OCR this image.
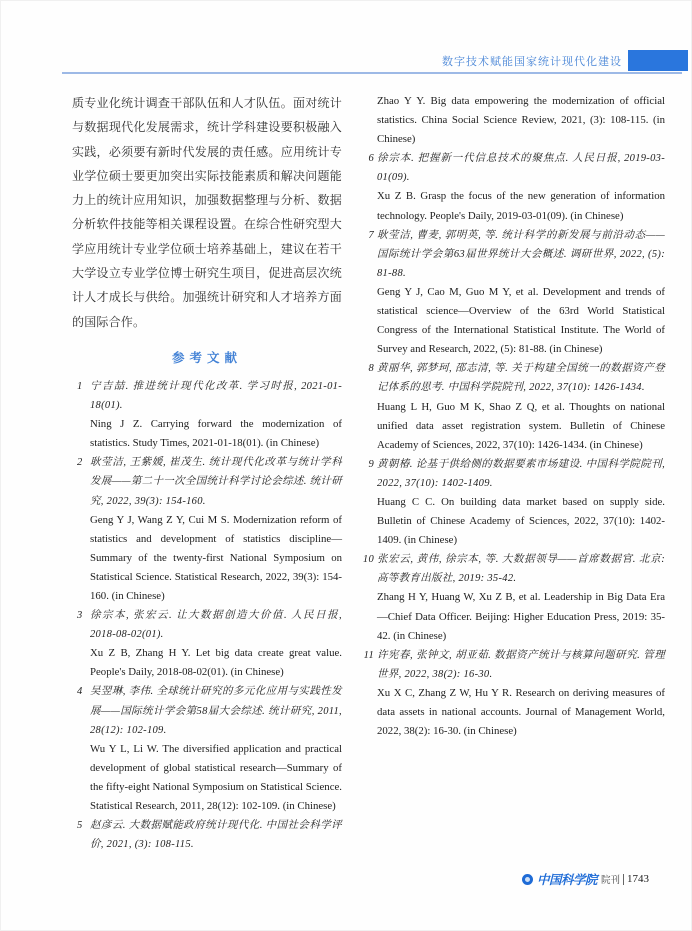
数字技术赋能国家统计现代化建设

质专业化统计调查干部队伍和人才队伍。面对统计与数据现代化发展需求，统计学科建设要积极融入实践，必须要有新时代发展的责任感。应用统计专业学位硕士要更加突出实际技能素质和解决问题能力上的统计应用知识，加强数据整理与分析、数据分析软件技能等相关课程设置。在综合性研究型大学应用统计专业学位硕士培养基础上，建议在若干大学设立专业学位博士研究生项目，促进高层次统计人才成长与供给。加强统计研究和人才培养方面的国际合作。

参考文献
1 宁吉喆. 推进统计现代化改革. 学习时报, 2021-01-18(01).
Ning J Z. Carrying forward the modernization of statistics. Study Times, 2021-01-18(01). (in Chinese)
2 耿莹洁, 王紫媛, 崔茂生. 统计现代化改革与统计学科发展——第二十一次全国统计科学讨论会综述. 统计研究, 2022, 39(3): 154-160.
Geng Y J, Wang Z Y, Cui M S. Modernization reform of statistics and development of statistics discipline—Summary of the twenty-first National Symposium on Statistical Science. Statistical Research, 2022, 39(3): 154-160. (in Chinese)
3 徐宗本, 张宏云. 让大数据创造大价值. 人民日报, 2018-08-02(01).
Xu Z B, Zhang H Y. Let big data create great value. People's Daily, 2018-08-02(01). (in Chinese)
4 吴翌琳, 李伟. 全球统计研究的多元化应用与实践性发展——国际统计学会第58届大会综述. 统计研究, 2011, 28(12): 102-109.
Wu Y L, Li W. The diversified application and practical development of global statistical research—Summary of the fifty-eight National Symposium on Statistical Science. Statistical Research, 2011, 28(12): 102-109. (in Chinese)
5 赵彦云. 大数据赋能政府统计现代化. 中国社会科学评价, 2021, (3): 108-115.
Zhao Y Y. Big data empowering the modernization of official statistics. China Social Science Review, 2021, (3): 108-115. (in Chinese)
6 徐宗本. 把握新一代信息技术的聚焦点. 人民日报, 2019-03-01(09).
Xu Z B. Grasp the focus of the new generation of information technology. People's Daily, 2019-03-01(09). (in Chinese)
7 耿莹洁, 曹麦, 郭明英, 等. 统计科学的新发展与前沿动态——国际统计学会第63届世界统计大会概述. 调研世界, 2022, (5): 81-88.
Geng Y J, Cao M, Guo M Y, et al. Development and trends of statistical science—Overview of the 63rd World Statistical Congress of the International Statistical Institute. The World of Survey and Research, 2022, (5): 81-88. (in Chinese)
8 黄丽华, 郭梦珂, 邵志清, 等. 关于构建全国统一的数据资产登记体系的思考. 中国科学院院刊, 2022, 37(10): 1426-1434.
Huang L H, Guo M K, Shao Z Q, et al. Thoughts on national unified data asset registration system. Bulletin of Chinese Academy of Sciences, 2022, 37(10): 1426-1434. (in Chinese)
9 黄朝椿. 论基于供给侧的数据要素市场建设. 中国科学院院刊, 2022, 37(10): 1402-1409.
Huang C C. On building data market based on supply side. Bulletin of Chinese Academy of Sciences, 2022, 37(10): 1402-1409. (in Chinese)
10 张宏云, 黄伟, 徐宗本, 等. 大数据领导——首席数据官. 北京: 高等教育出版社, 2019: 35-42.
Zhang H Y, Huang W, Xu Z B, et al. Leadership in Big Data Era—Chief Data Officer. Beijing: Higher Education Press, 2019: 35-42. (in Chinese)
11 许宪春, 张钟文, 胡亚茹. 数据资产统计与核算问题研究. 管理世界, 2022, 38(2): 16-30.
Xu X C, Zhang Z W, Hu Y R. Research on deriving measures of data assets in national accounts. Journal of Management World, 2022, 38(2): 16-30. (in Chinese)
中国科学院 院刊 1743
